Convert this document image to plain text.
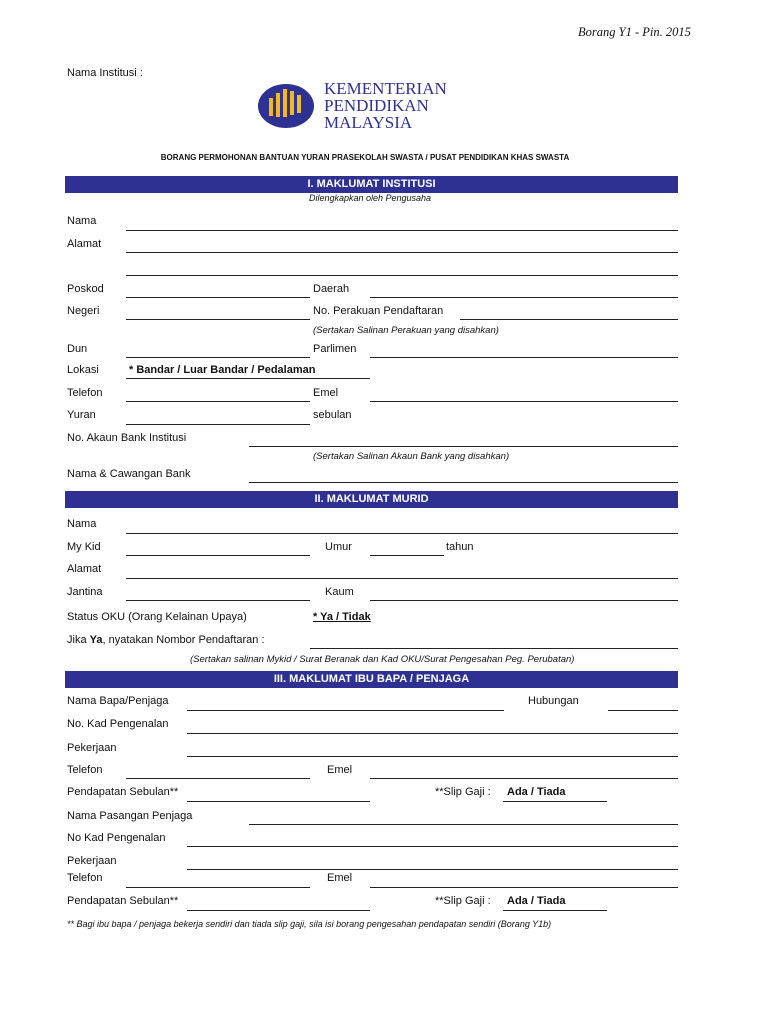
Borang Y1 - Pin. 2015
Nama Institusi :
KEMENTERIAN
PENDIDIKAN
MALAYSIA
BORANG PERMOHONAN BANTUAN YURAN PRASEKOLAH SWASTA / PUSAT PENDIDIKAN KHAS SWASTA
I. MAKLUMAT INSTITUSI
Dilengkapkan oleh Pengusaha
Nama
Alamat
Poskod	Daerah
Negeri	No. Perakuan Pendaftaran
(Sertakan Salinan Perakuan yang disahkan)
Dun	Parlimen
Lokasi	* Bandar / Luar Bandar / Pedalaman
Telefon	Emel
Yuran	sebulan
No. Akaun Bank Institusi
(Sertakan Salinan Akaun Bank yang disahkan)
Nama & Cawangan Bank
II. MAKLUMAT MURID
Nama
My Kid	Umur	tahun
Alamat
Jantina	Kaum
Status OKU (Orang Kelainan Upaya)	* Ya / Tidak
Jika Ya, nyatakan Nombor Pendaftaran :
(Sertakan salinan Mykid / Surat Beranak dan Kad OKU/Surat Pengesahan Peg. Perubatan)
III. MAKLUMAT IBU BAPA / PENJAGA
Nama Bapa/Penjaga	Hubungan
No. Kad Pengenalan
Pekerjaan
Telefon	Emel
Pendapatan Sebulan**	**Slip Gaji : Ada / Tiada
Nama Pasangan Penjaga
No Kad Pengenalan
Pekerjaan
Telefon	Emel
Pendapatan Sebulan**	**Slip Gaji : Ada / Tiada
** Bagi ibu bapa / penjaga bekerja sendiri dan tiada slip gaji, sila isi borang pengesahan pendapatan sendiri (Borang Y1b)
